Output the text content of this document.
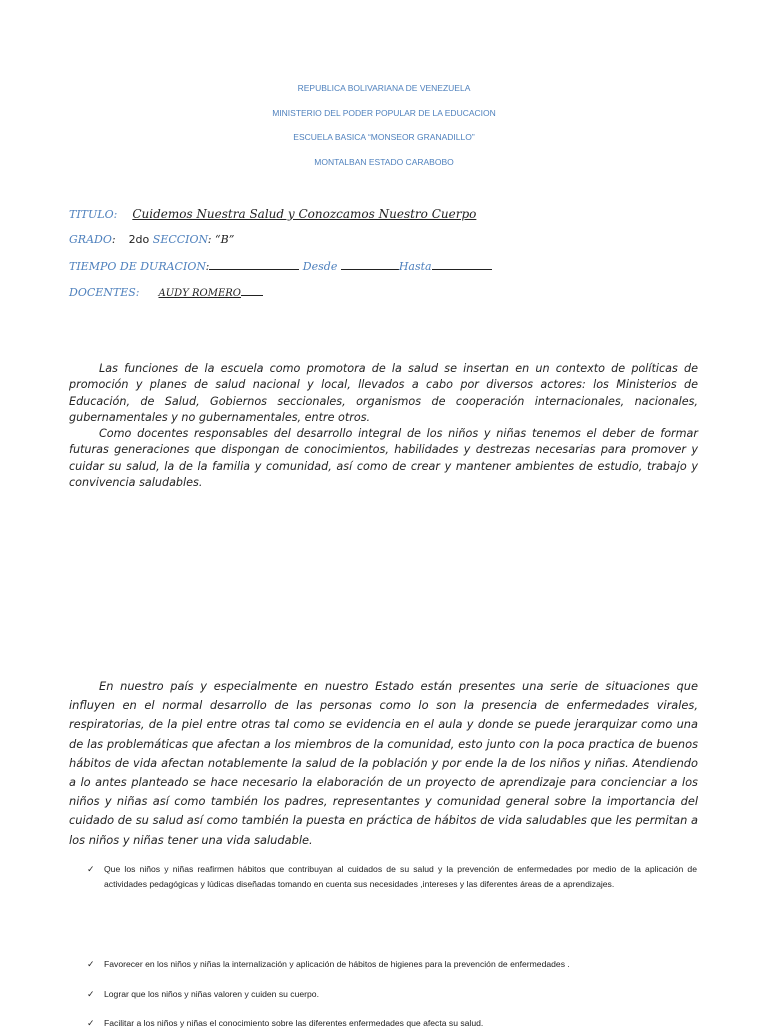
REPUBLICA BOLIVARIANA DE VENEZUELA
MINISTERIO DEL PODER POPULAR DE LA EDUCACION
ESCUELA BASICA “MONSEOR GRANADILLO”
MONTALBAN ESTADO CARABOBO
TITULO: Cuidemos Nuestra Salud y Conozcamos Nuestro Cuerpo
GRADO:  2do SECCION: “B”
TIEMPO DE DURACION:	Desde	Hasta
DOCENTES: AUDY ROMERO
Las funciones de la escuela como promotora de la salud se insertan en un contexto de políticas de promoción y planes de salud nacional y local, llevados a cabo por diversos actores: los Ministerios de Educación, de Salud, Gobiernos seccionales, organismos de cooperación internacionales, nacionales, gubernamentales y no gubernamentales, entre otros.
Como docentes responsables del desarrollo integral de los niños y niñas tenemos el deber de formar futuras generaciones que dispongan de conocimientos, habilidades y destrezas necesarias para promover y cuidar su salud, la de la familia y comunidad, así como de crear y mantener ambientes de estudio, trabajo y convivencia saludables.
En nuestro país y especialmente en nuestro Estado están presentes una serie de situaciones que influyen en el normal desarrollo de las personas como lo son la presencia de enfermedades virales, respiratorias, de la piel entre otras tal como se evidencia en el aula y donde se puede jerarquizar como una de las problemáticas que afectan a los miembros de la comunidad, esto junto con la poca practica de buenos hábitos de vida afectan notablemente la salud de la población y por ende la de los niños y niñas. Atendiendo a lo antes planteado se hace necesario la elaboración de un proyecto de aprendizaje para concienciar a los niños y niñas así como también los padres, representantes y comunidad general sobre la importancia del cuidado de su salud así como también la puesta en práctica de hábitos de vida saludables que les permitan a los niños y niñas tener una vida saludable.
✓	Que los niños y niñas reafirmen hábitos que contribuyan al cuidados de su salud y la prevención de enfermedades por medio de la aplicación de actividades pedagógicas y lúdicas diseñadas tomando en cuenta sus necesidades ,intereses y las diferentes áreas de a aprendizajes.
✓	Favorecer en los niños y niñas la internalización y aplicación de hábitos de higienes para la prevención de enfermedades .
✓	Lograr que los niños y niñas valoren y cuiden su cuerpo.
✓	Facilitar a los niños y niñas el conocimiento sobre las diferentes enfermedades que afecta su salud.
